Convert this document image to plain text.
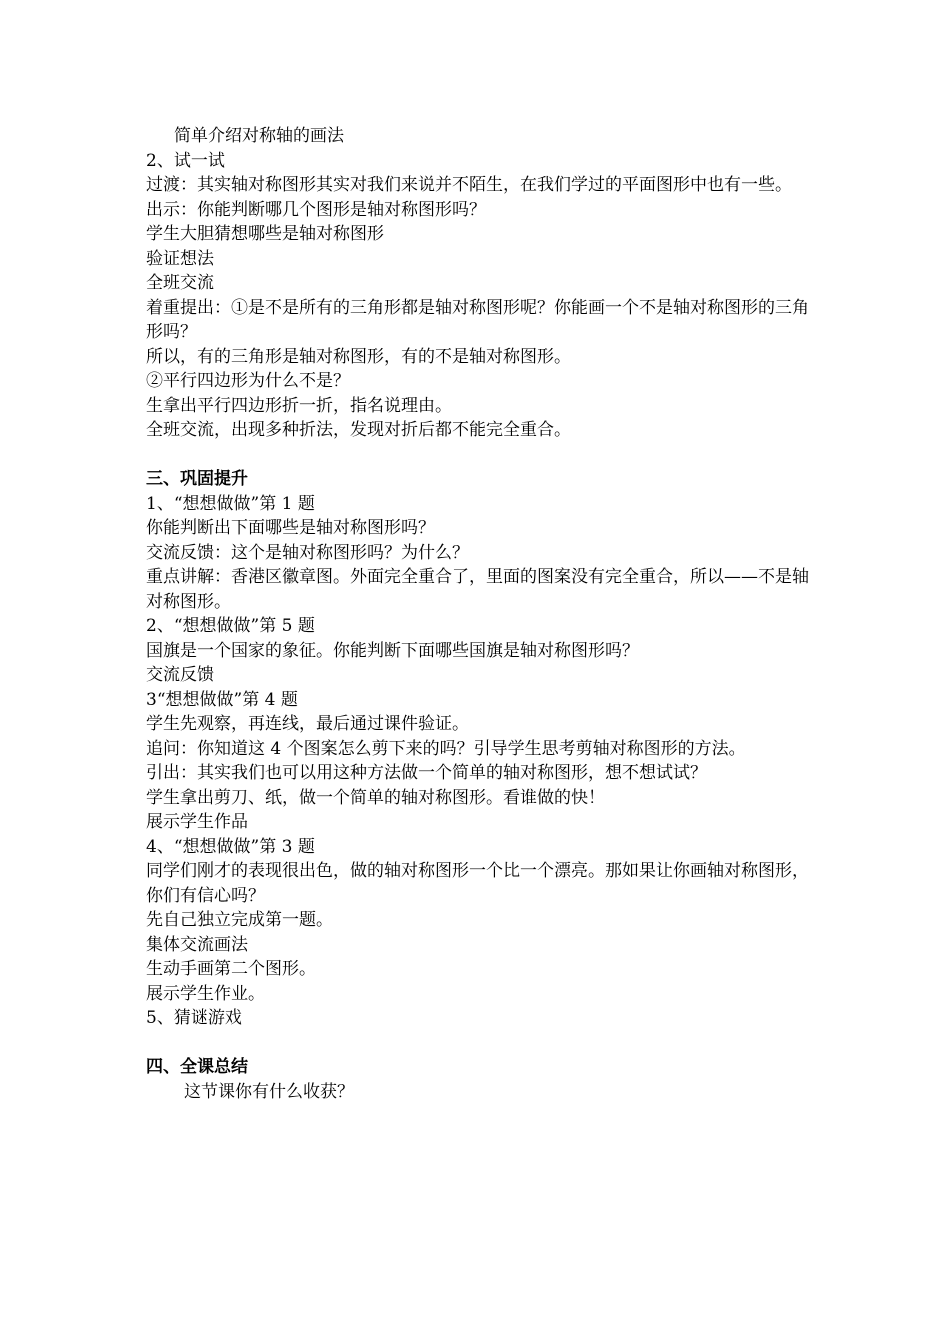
简单介绍对称轴的画法
2、试一试
过渡：其实轴对称图形其实对我们来说并不陌生，在我们学过的平面图形中也有一些。
出示：你能判断哪几个图形是轴对称图形吗？
学生大胆猜想哪些是轴对称图形
验证想法
全班交流
着重提出：①是不是所有的三角形都是轴对称图形呢？你能画一个不是轴对称图形的三角形吗？
所以，有的三角形是轴对称图形，有的不是轴对称图形。
②平行四边形为什么不是？
生拿出平行四边形折一折，指名说理由。
全班交流，出现多种折法，发现对折后都不能完全重合。
三、巩固提升
1、“想想做做”第 1 题
你能判断出下面哪些是轴对称图形吗？
交流反馈：这个是轴对称图形吗？为什么？
重点讲解：香港区徽章图。外面完全重合了，里面的图案没有完全重合，所以——不是轴对称图形。
2、“想想做做”第 5 题
国旗是一个国家的象征。你能判断下面哪些国旗是轴对称图形吗？
交流反馈
3“想想做做”第 4 题
学生先观察，再连线，最后通过课件验证。
追问：你知道这 4 个图案怎么剪下来的吗？引导学生思考剪轴对称图形的方法。
引出：其实我们也可以用这种方法做一个简单的轴对称图形，想不想试试？
学生拿出剪刀、纸，做一个简单的轴对称图形。看谁做的快！
展示学生作品
4、“想想做做”第 3 题
同学们刚才的表现很出色，做的轴对称图形一个比一个漂亮。那如果让你画轴对称图形，你们有信心吗？
先自己独立完成第一题。
集体交流画法
生动手画第二个图形。
展示学生作业。
5、猜谜游戏
四、全课总结
这节课你有什么收获？
